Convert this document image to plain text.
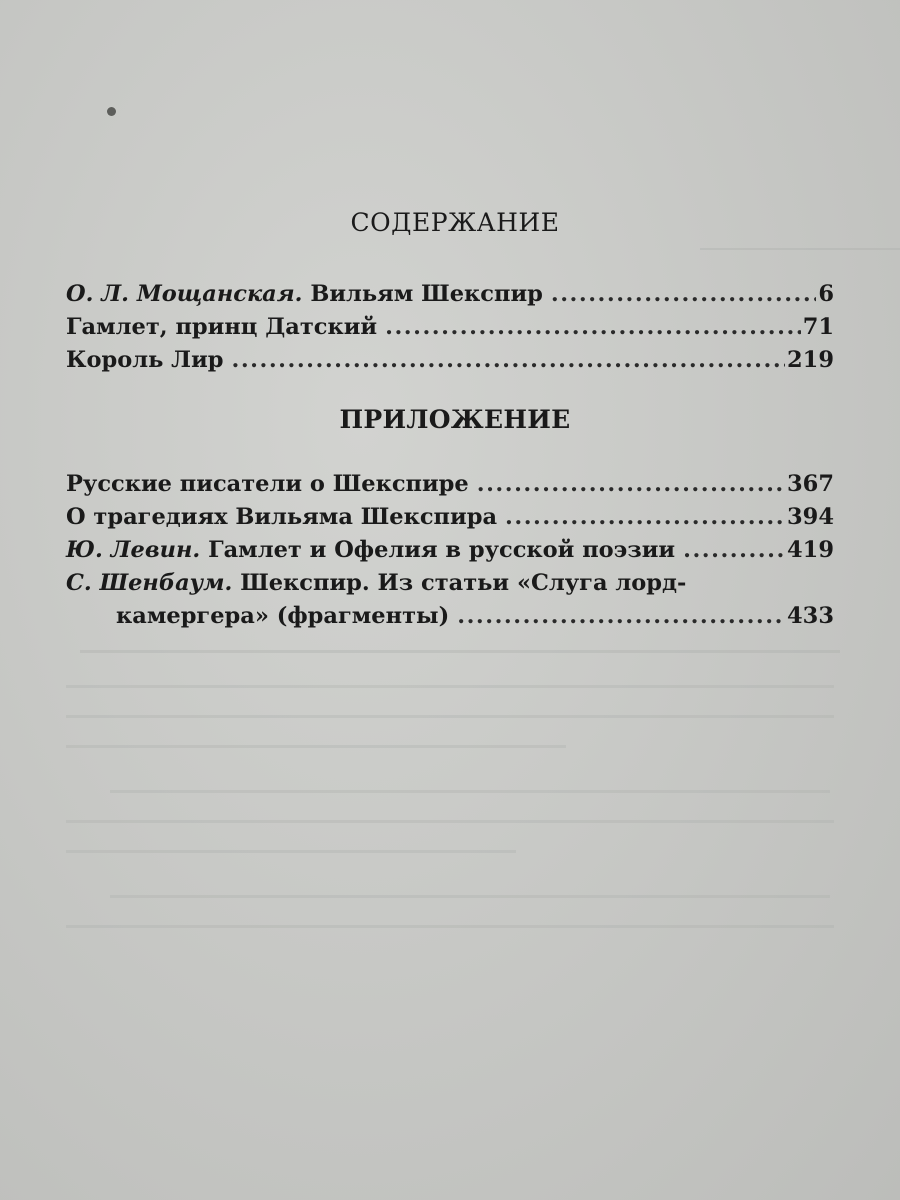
СОДЕРЖАНИЕ
О. Л. Мощанская. Вильям Шекспир .....	6
Гамлет, принц Датский .....	71
Король Лир .....	219
ПРИЛОЖЕНИЕ
Русские писатели о Шекспире .....	367
О трагедиях Вильяма Шекспира .....	394
Ю. Левин. Гамлет и Офелия в русской поэзии .....	419
С. Шенбаум. Шекспир. Из статьи «Слуга лорд-
камергера» (фрагменты) .....	433
